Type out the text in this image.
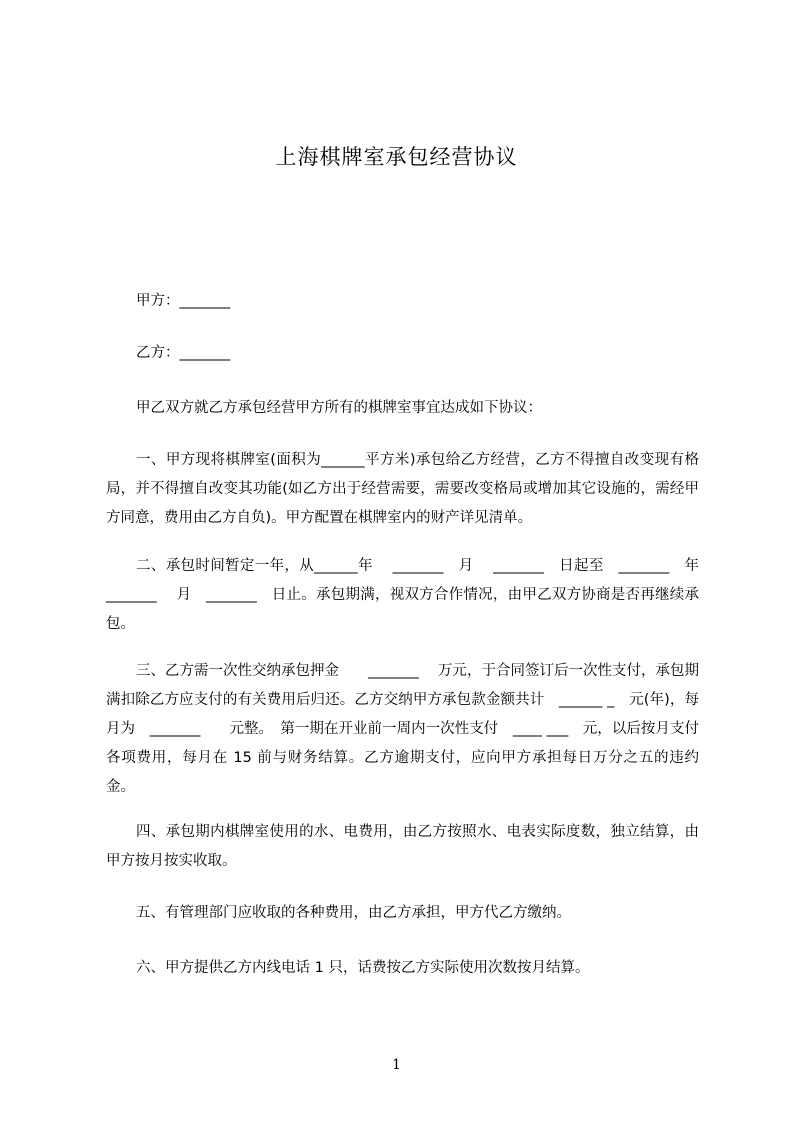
上海棋牌室承包经营协议
甲方：_______
乙方：_______
甲乙双方就乙方承包经营甲方所有的棋牌室事宜达成如下协议：
一、甲方现将棋牌室(面积为______平方米)承包给乙方经营，乙方不得擅自改变现有格局，并不得擅自改变其功能(如乙方出于经营需要，需要改变格局或增加其它设施的，需经甲方同意，费用由乙方自负)。甲方配置在棋牌室内的财产详见清单。
二、承包时间暂定一年，从______年　 _______　月　 _______　日起至　_______　年　_______　 月　_______　日止。承包期满，视双方合作情况，由甲乙双方协商是否再继续承包。
三、乙方需一次性交纳承包押金　　_______　 万元，于合同签订后一次性支付，承包期满扣除乙方应支付的有关费用后归还。乙方交纳甲方承包款金额共计　______ _　元(年)，每月为　_______　　元整。　第一期在开业前一周内一次性支付　____ ___　元，以后按月支付各项费用，每月在 15 前与财务结算。乙方逾期支付，应向甲方承担每日万分之五的违约金。
四、承包期内棋牌室使用的水、电费用，由乙方按照水、电表实际度数，独立结算，由甲方按月按实收取。
五、有管理部门应收取的各种费用，由乙方承担，甲方代乙方缴纳。
六、甲方提供乙方内线电话 1 只，话费按乙方实际使用次数按月结算。
1
